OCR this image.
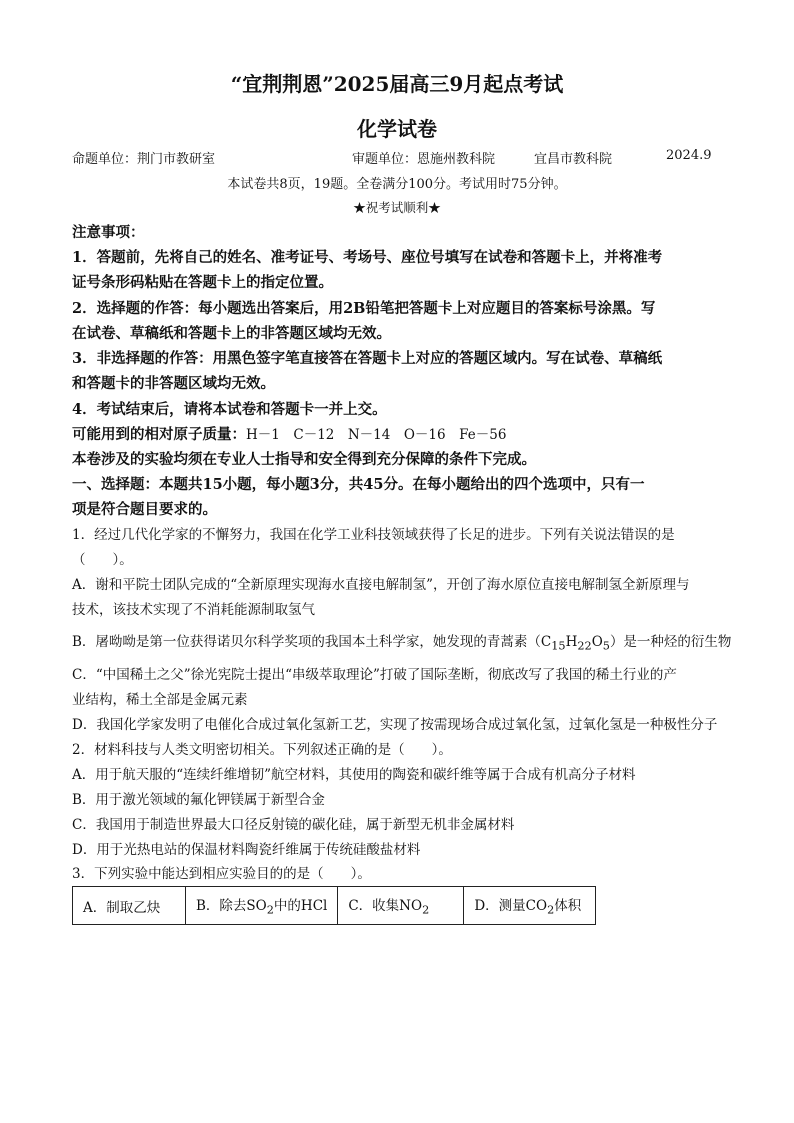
“宜荆荆恩”2025届高三9月起点考试
化学试卷
命题单位：荆门市教研室	审题单位：恩施州教科院	宜昌市教科院	2024.9
本试卷共8页，19题。全卷满分100分。考试用时75分钟。
★祝考试顺利★
注意事项：
1．答题前，先将自己的姓名、准考证号、考场号、座位号填写在试卷和答题卡上，并将准考
证号条形码粘贴在答题卡上的指定位置。
2．选择题的作答：每小题选出答案后，用2B铅笔把答题卡上对应题目的答案标号涂黑。写
在试卷、草稿纸和答题卡上的非答题区域均无效。
3．非选择题的作答：用黑色签字笔直接答在答题卡上对应的答题区域内。写在试卷、草稿纸
和答题卡的非答题区域均无效。
4．考试结束后，请将本试卷和答题卡一并上交。
可能用到的相对原子质量：H－1　C－12　N－14　O－16　Fe－56
本卷涉及的实验均须在专业人士指导和安全得到充分保障的条件下完成。
一、选择题：本题共15小题，每小题3分，共45分。在每小题给出的四个选项中，只有一
项是符合题目要求的。
1．经过几代化学家的不懈努力，我国在化学工业科技领域获得了长足的进步。下列有关说法错误的是
（　　）。
A．谢和平院士团队完成的“全新原理实现海水直接电解制氢”，开创了海水原位直接电解制氢全新原理与
技术，该技术实现了不消耗能源制取氢气
B．屠呦呦是第一位获得诺贝尔科学奖项的我国本土科学家，她发现的青蒿素$(C_{15}H_{22}O_5)$是一种烃的衍生物
C．“中国稀土之父”徐光宪院士提出“串级萃取理论”打破了国际垄断，彻底改写了我国的稀土行业的产
业结构，稀土全部是金属元素
D．我国化学家发明了电催化合成过氧化氢新工艺，实现了按需现场合成过氧化氢，过氧化氢是一种极性分子
2．材料科技与人类文明密切相关。下列叙述正确的是（　　）。
A．用于航天服的“连续纤维增韧”航空材料，其使用的陶瓷和碳纤维等属于合成有机高分子材料
B．用于激光领域的氟化钾镁属于新型合金
C．我国用于制造世界最大口径反射镜的碳化硅，属于新型无机非金属材料
D．用于光热电站的保温材料陶瓷纤维属于传统硅酸盐材料
3．下列实验中能达到相应实验目的的是（　　）。
A．制取乙炔	B．除去$SO_2$中的HCl	C．收集$NO_2$	D．测量$CO_2$体积
